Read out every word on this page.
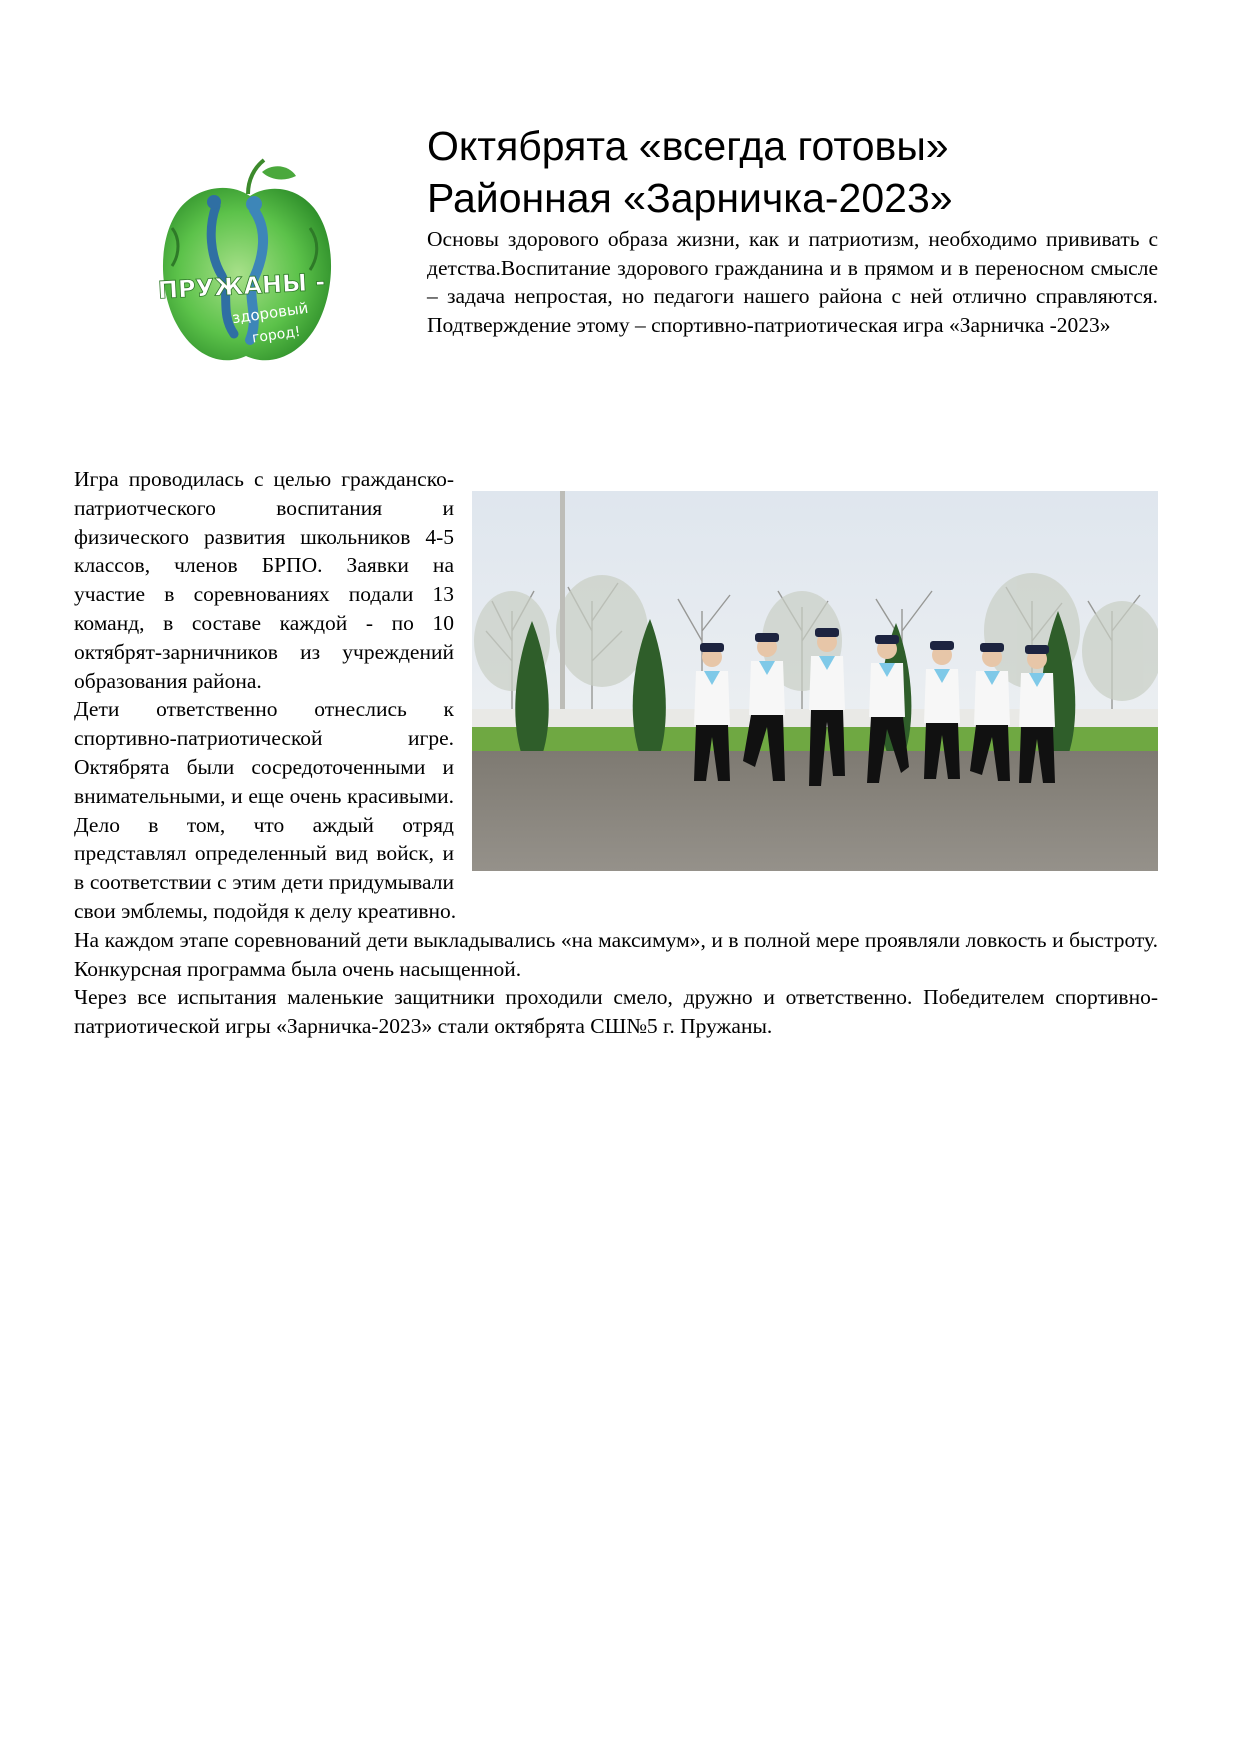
ПРУЖАНЫ -
здоровый
город!
Октябрята «всегда готовы»
Районная «Зарничка-2023»

Основы здорового образа жизни, как и патриотизм, необходимо прививать с детства.Воспитание здорового гражданина и в прямом и в переносном смысле – задача непростая, но педагоги нашего района с ней отлично справляются. Подтверждение этому – спортивно-патриотическая игра «Зарничка -2023»

Игра проводилась с целью гражданско-патриотческого воспитания и физического развития школьников 4-5 классов, членов БРПО. Заявки на участие в соревнованиях подали 13 команд, в составе каждой - по 10 октябрят-зарничников из учреждений образования района.

Дети ответственно отнеслись к спортивно-патриотической игре. Октябрята были сосредоточенными и внимательными, и еще очень красивыми. Дело в том, что аждый отряд представлял определенный вид войск, и в соответствии с этим дети придумывали свои эмблемы, подойдя к делу креативно.

На каждом этапе соревнований дети выкладывались «на максимум», и в полной мере проявляли ловкость и быстроту. Конкурсная программа была очень насыщенной.

Через все испытания маленькие защитники проходили смело, дружно и ответственно. Победителем спортивно-патриотической игры «Зарничка-2023» стали октябрята СШ№5 г. Пружаны.
